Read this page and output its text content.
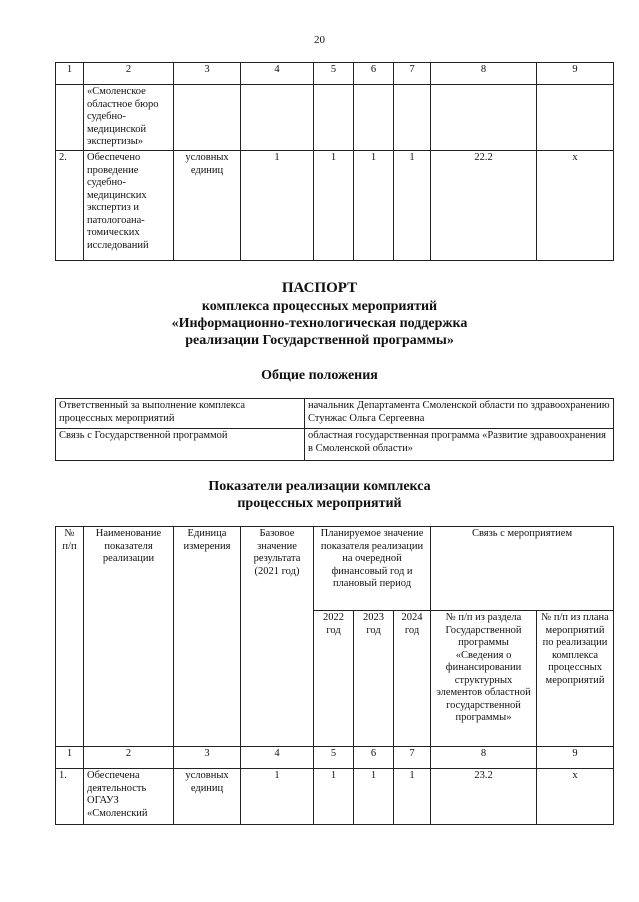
20
1	2	3	4	5	6	7	8	9
	«Смоленское областное бюро судебно-медицинской экспертизы»							
2.	Обеспечено проведение судебно-медицинских экспертиз и патологоана-томических исследований	условных единиц	1	1	1	1	22.2	х
ПАСПОРТ
комплекса процессных мероприятий
«Информационно-технологическая поддержка
реализации Государственной программы»
Общие положения
Ответственный за выполнение комплекса процессных мероприятий	начальник Департамента Смоленской области по здравоохранению Стунжас Ольга Сергеевна
Связь с Государственной программой	областная государственная программа «Развитие здравоохранения в Смоленской области»
Показатели реализации комплекса
процессных мероприятий
№ п/п	Наименование показателя реализации	Единица измерения	Базовое значение результата (2021 год)	Планируемое значение показателя реализации на очередной финансовый год и плановый период			Связь с мероприятием	
				2022 год	2023 год	2024 год	№ п/п из раздела Государственной программы «Сведения о финансировании структурных элементов областной государственной программы»	№ п/п из плана мероприятий по реализации комплекса процессных мероприятий
1	2	3	4	5	6	7	8	9
1.	Обеспечена деятельность ОГАУЗ «Смоленский	условных единиц	1	1	1	1	23.2	х
